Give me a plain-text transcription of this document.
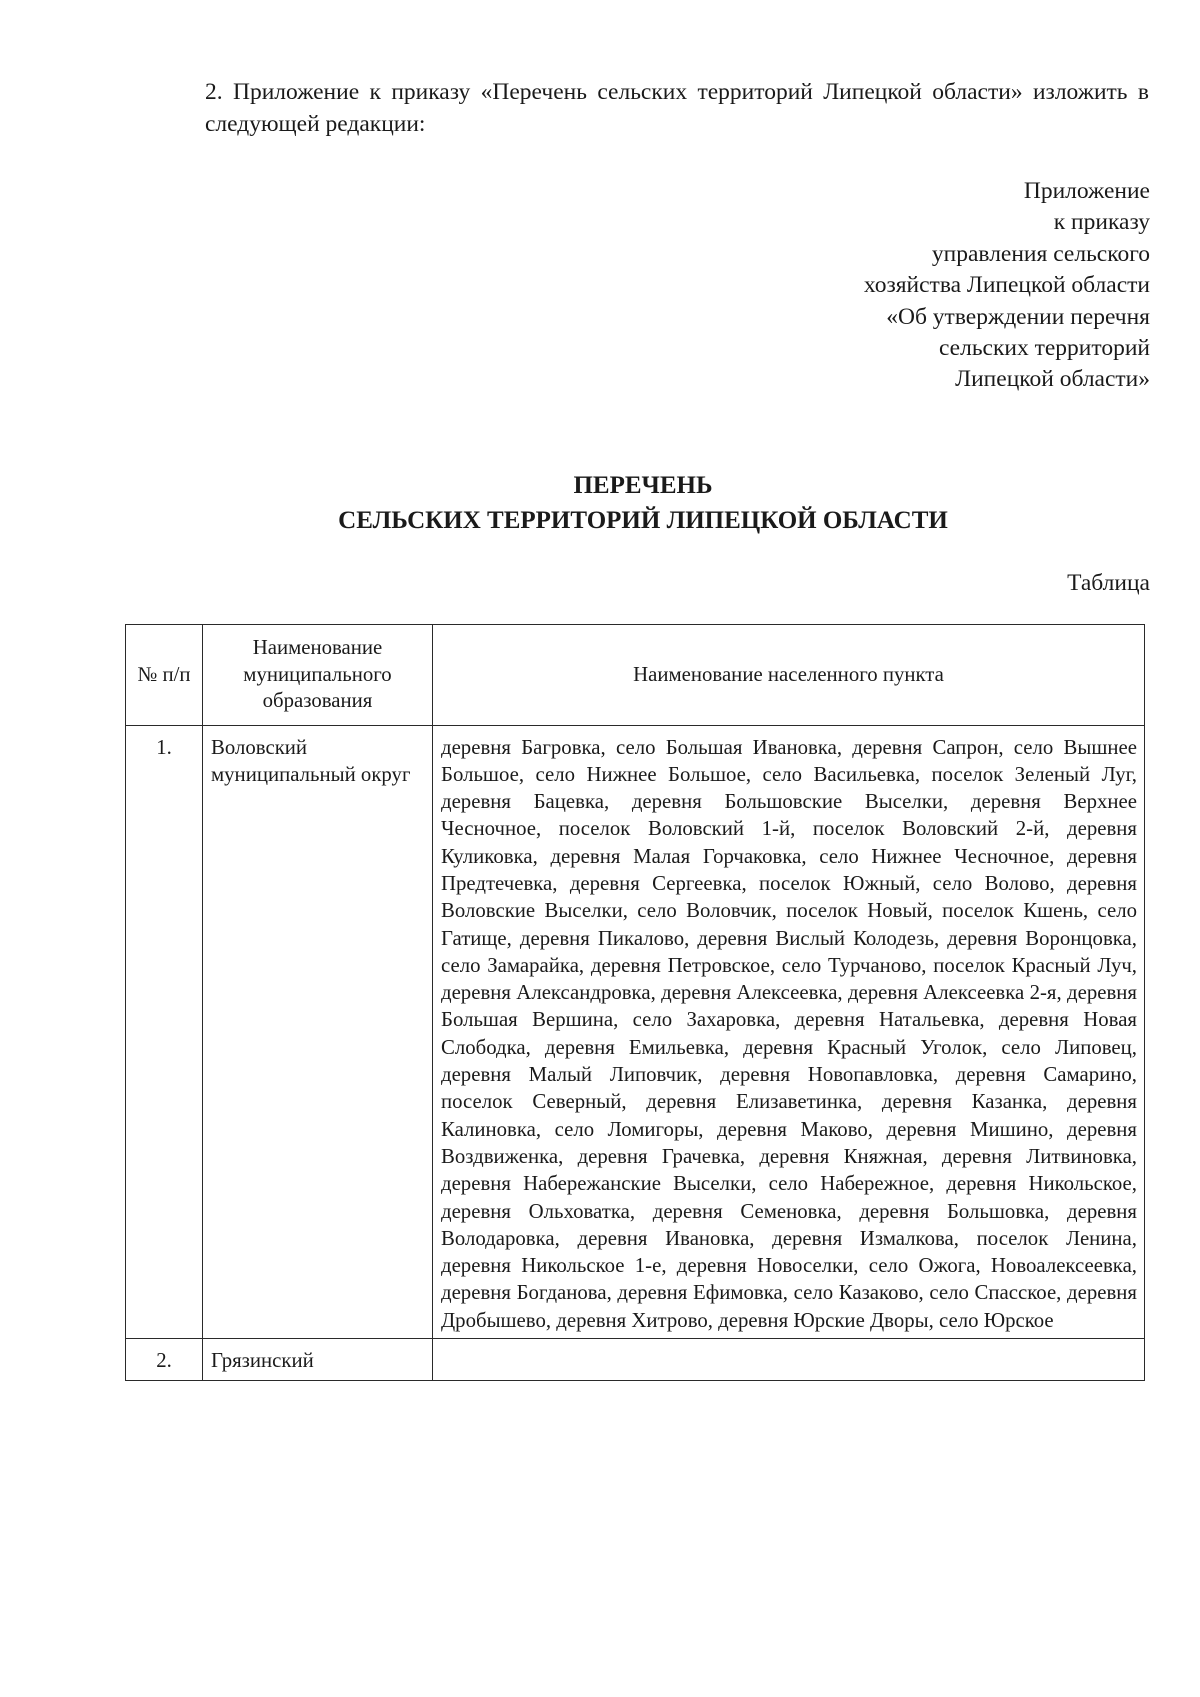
2. Приложение к приказу «Перечень сельских территорий Липецкой области» изложить в следующей редакции:
Приложение
к приказу
управления сельского
хозяйства Липецкой области
«Об утверждении перечня
сельских территорий
Липецкой области»
ПЕРЕЧЕНЬ
СЕЛЬСКИХ ТЕРРИТОРИЙ ЛИПЕЦКОЙ ОБЛАСТИ
Таблица
№ п/п	Наименование муниципального образования	Наименование населенного пункта
1.	Воловский муниципальный округ	деревня Багровка, село Большая Ивановка, деревня Сапрон, село Вышнее Большое, село Нижнее Большое, село Васильевка, поселок Зеленый Луг, деревня Бацевка, деревня Большовские Выселки, деревня Верхнее Чесночное, поселок Воловский 1-й, поселок Воловский 2-й, деревня Куликовка, деревня Малая Горчаковка, село Нижнее Чесночное, деревня Предтечевка, деревня Сергеевка, поселок Южный, село Волово, деревня Воловские Выселки, село Воловчик, поселок Новый, поселок Кшень, село Гатище, деревня Пикалово, деревня Вислый Колодезь, деревня Воронцовка, село Замарайка, деревня Петровское, село Турчаново, поселок Красный Луч, деревня Александровка, деревня Алексеевка, деревня Алексеевка 2-я, деревня Большая Вершина, село Захаровка, деревня Натальевка, деревня Новая Слободка, деревня Емильевка, деревня Красный Уголок, село Липовец, деревня Малый Липовчик, деревня Новопавловка, деревня Самарино, поселок Северный, деревня Елизаветинка, деревня Казанка, деревня Калиновка, село Ломигоры, деревня Маково, деревня Мишино, деревня Воздвиженка, деревня Грачевка, деревня Княжная, деревня Литвиновка, деревня Набережанские Выселки, село Набережное, деревня Никольское, деревня Ольховатка, деревня Семеновка, деревня Большовка, деревня Володаровка, деревня Ивановка, деревня Измалкова, поселок Ленина, деревня Никольское 1-е, деревня Новоселки, село Ожога, Новоалексеевка, деревня Богданова, деревня Ефимовка, село Казаково, село Спасское, деревня Дробышево, деревня Хитрово, деревня Юрские Дворы, село Юрское
2.	Грязинский	
